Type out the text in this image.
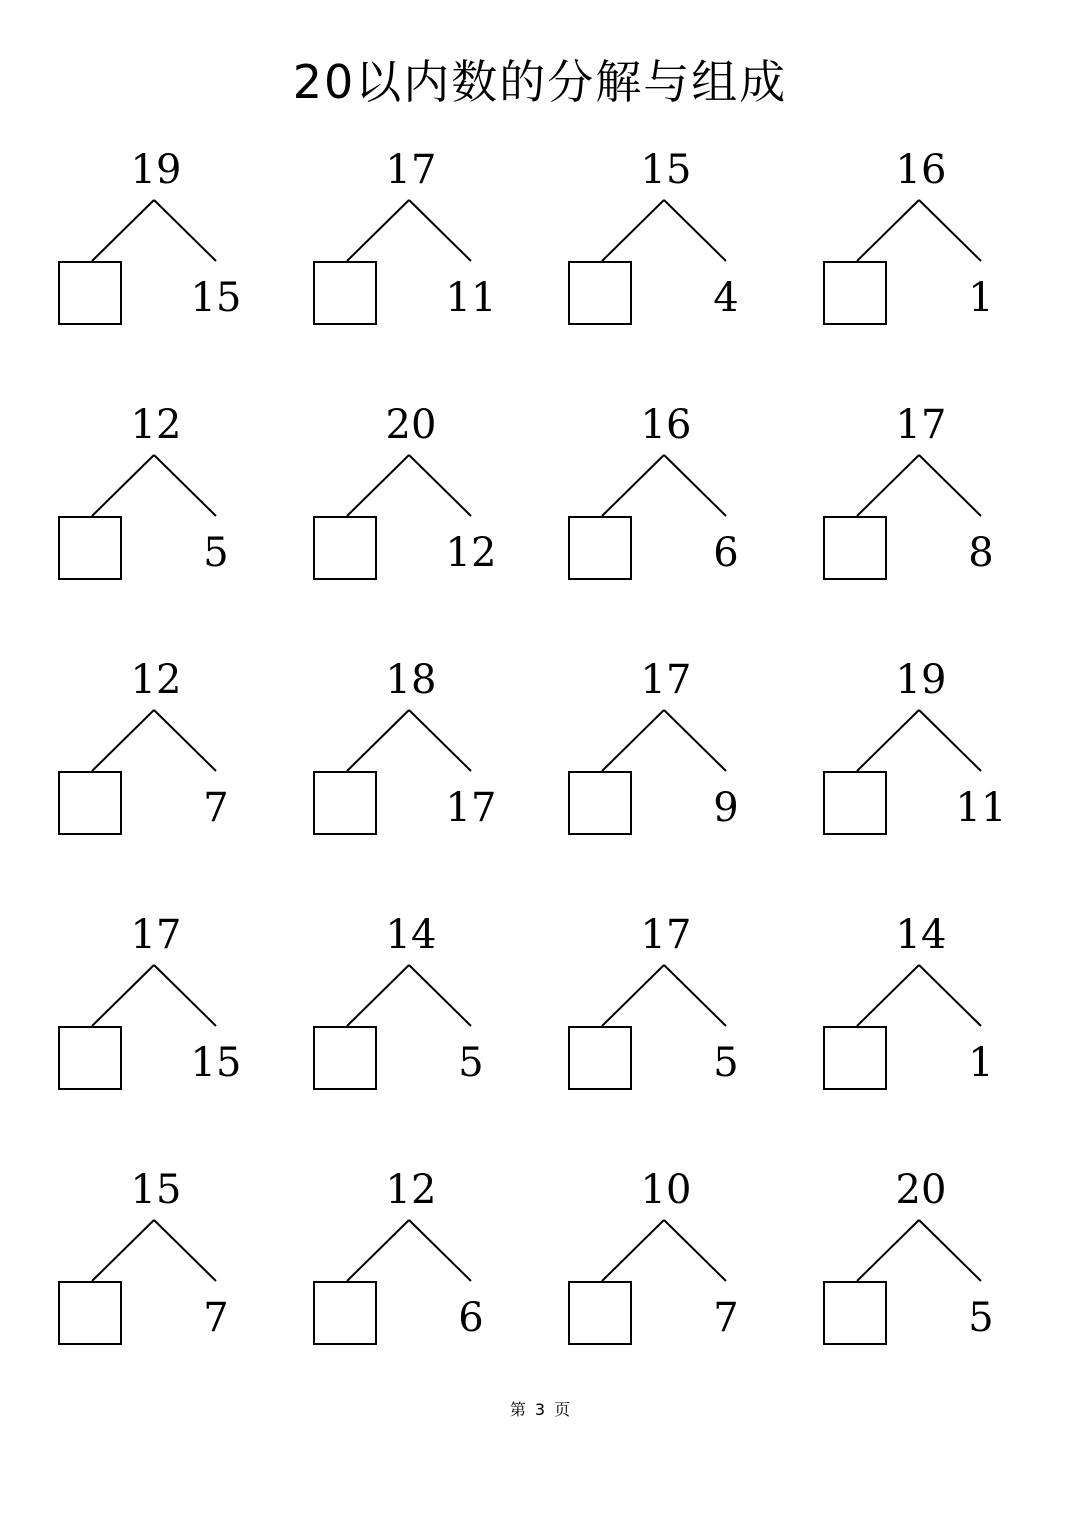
20以内数的分解与组成
19
15
17
11
15
4
16
1
12
5
20
12
16
6
17
8
12
7
18
17
17
9
19
11
17
15
14
5
17
5
14
1
15
7
12
6
10
7
20
5
第 3 页
